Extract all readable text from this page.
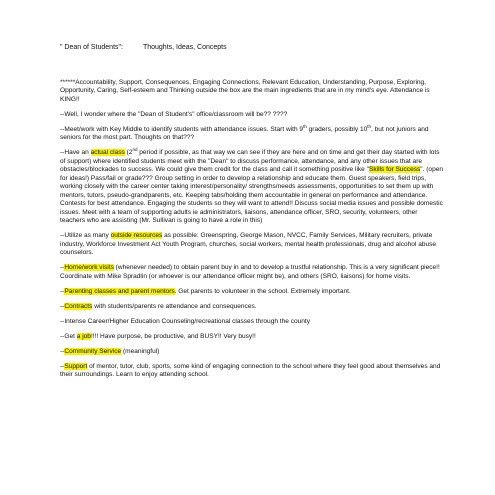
" Dean of Students":	Thoughts, Ideas, Concepts

******Accountability, Support, Consequences, Engaging Connections, Relevant Education, Understanding, Purpose, Exploring, Opportunity, Caring, Self-esteem and Thinking outside the box are the main ingredients that are in my mind's eye. Attendance is KING!!

--Well, I wonder where the "Dean of Student's" office/classroom will be?? ????

--Meet/work with Key Middle to identify students with attendance issues. Start with 9th graders, possibly 10th, but not juniors and seniors for the most part. Thoughts on that???

--Have an actual class (2nd period if possible, as that way we can see if they are here and on time and get their day started with lots of support) where identified students meet with the "Dean" to discuss performance, attendance, and any other issues that are obstacles/blockades to success. We could give them credit for the class and call it something positive like "Skills for Success". (open for ideas!) Pass/fail or grade??? Group setting in order to develop a relationship and educate them. Guest speakers, field trips, working closely with the career center taking interest/personality/ strengths/needs assessments, opportunities to set them up with mentors, tutors, pseudo-grandparents, etc. Keeping tabs/holding them accountable in general on performance and attendance. Contests for best attendance. Engaging the students so they will want to attend!! Discuss social media issues and possible domestic issues. Meet with a team of supporting adults ie administrators, liaisons, attendance officer, SRO, security, volunteers, other teachers who are assisting (Mr. Sullivan is going to have a role in this)

--Utilize as many outside resources as possible: Greenspring, George Mason, NVCC, Family Services, Military recruiters, private industry, Workforce Investment Act Youth Program, churches, social workers, mental health professionals, drug and alcohol abuse counselors.

--Home/work visits (whenever needed) to obtain parent buy in and to develop a trustful relationship. This is a very significant piece!! Coordinate with Mike Spradlin (or whoever is our attendance officer might be), and others (SRO, liaisons) for home visits.

--Parenting classes and parent mentors. Get parents to volunteer in the school. Extremely important.

--Contracts with students/parents re attendance and consequences.

--Intense Career/Higher Education Counseling/recreational classes through the county

--Get a job!!!! Have purpose, be productive, and BUSY!! Very busy!!

--Community Service (meaningful)

--Support of mentor, tutor, club, sports, some kind of engaging connection to the school where they feel good about themselves and their surroundings. Learn to enjoy attending school.
